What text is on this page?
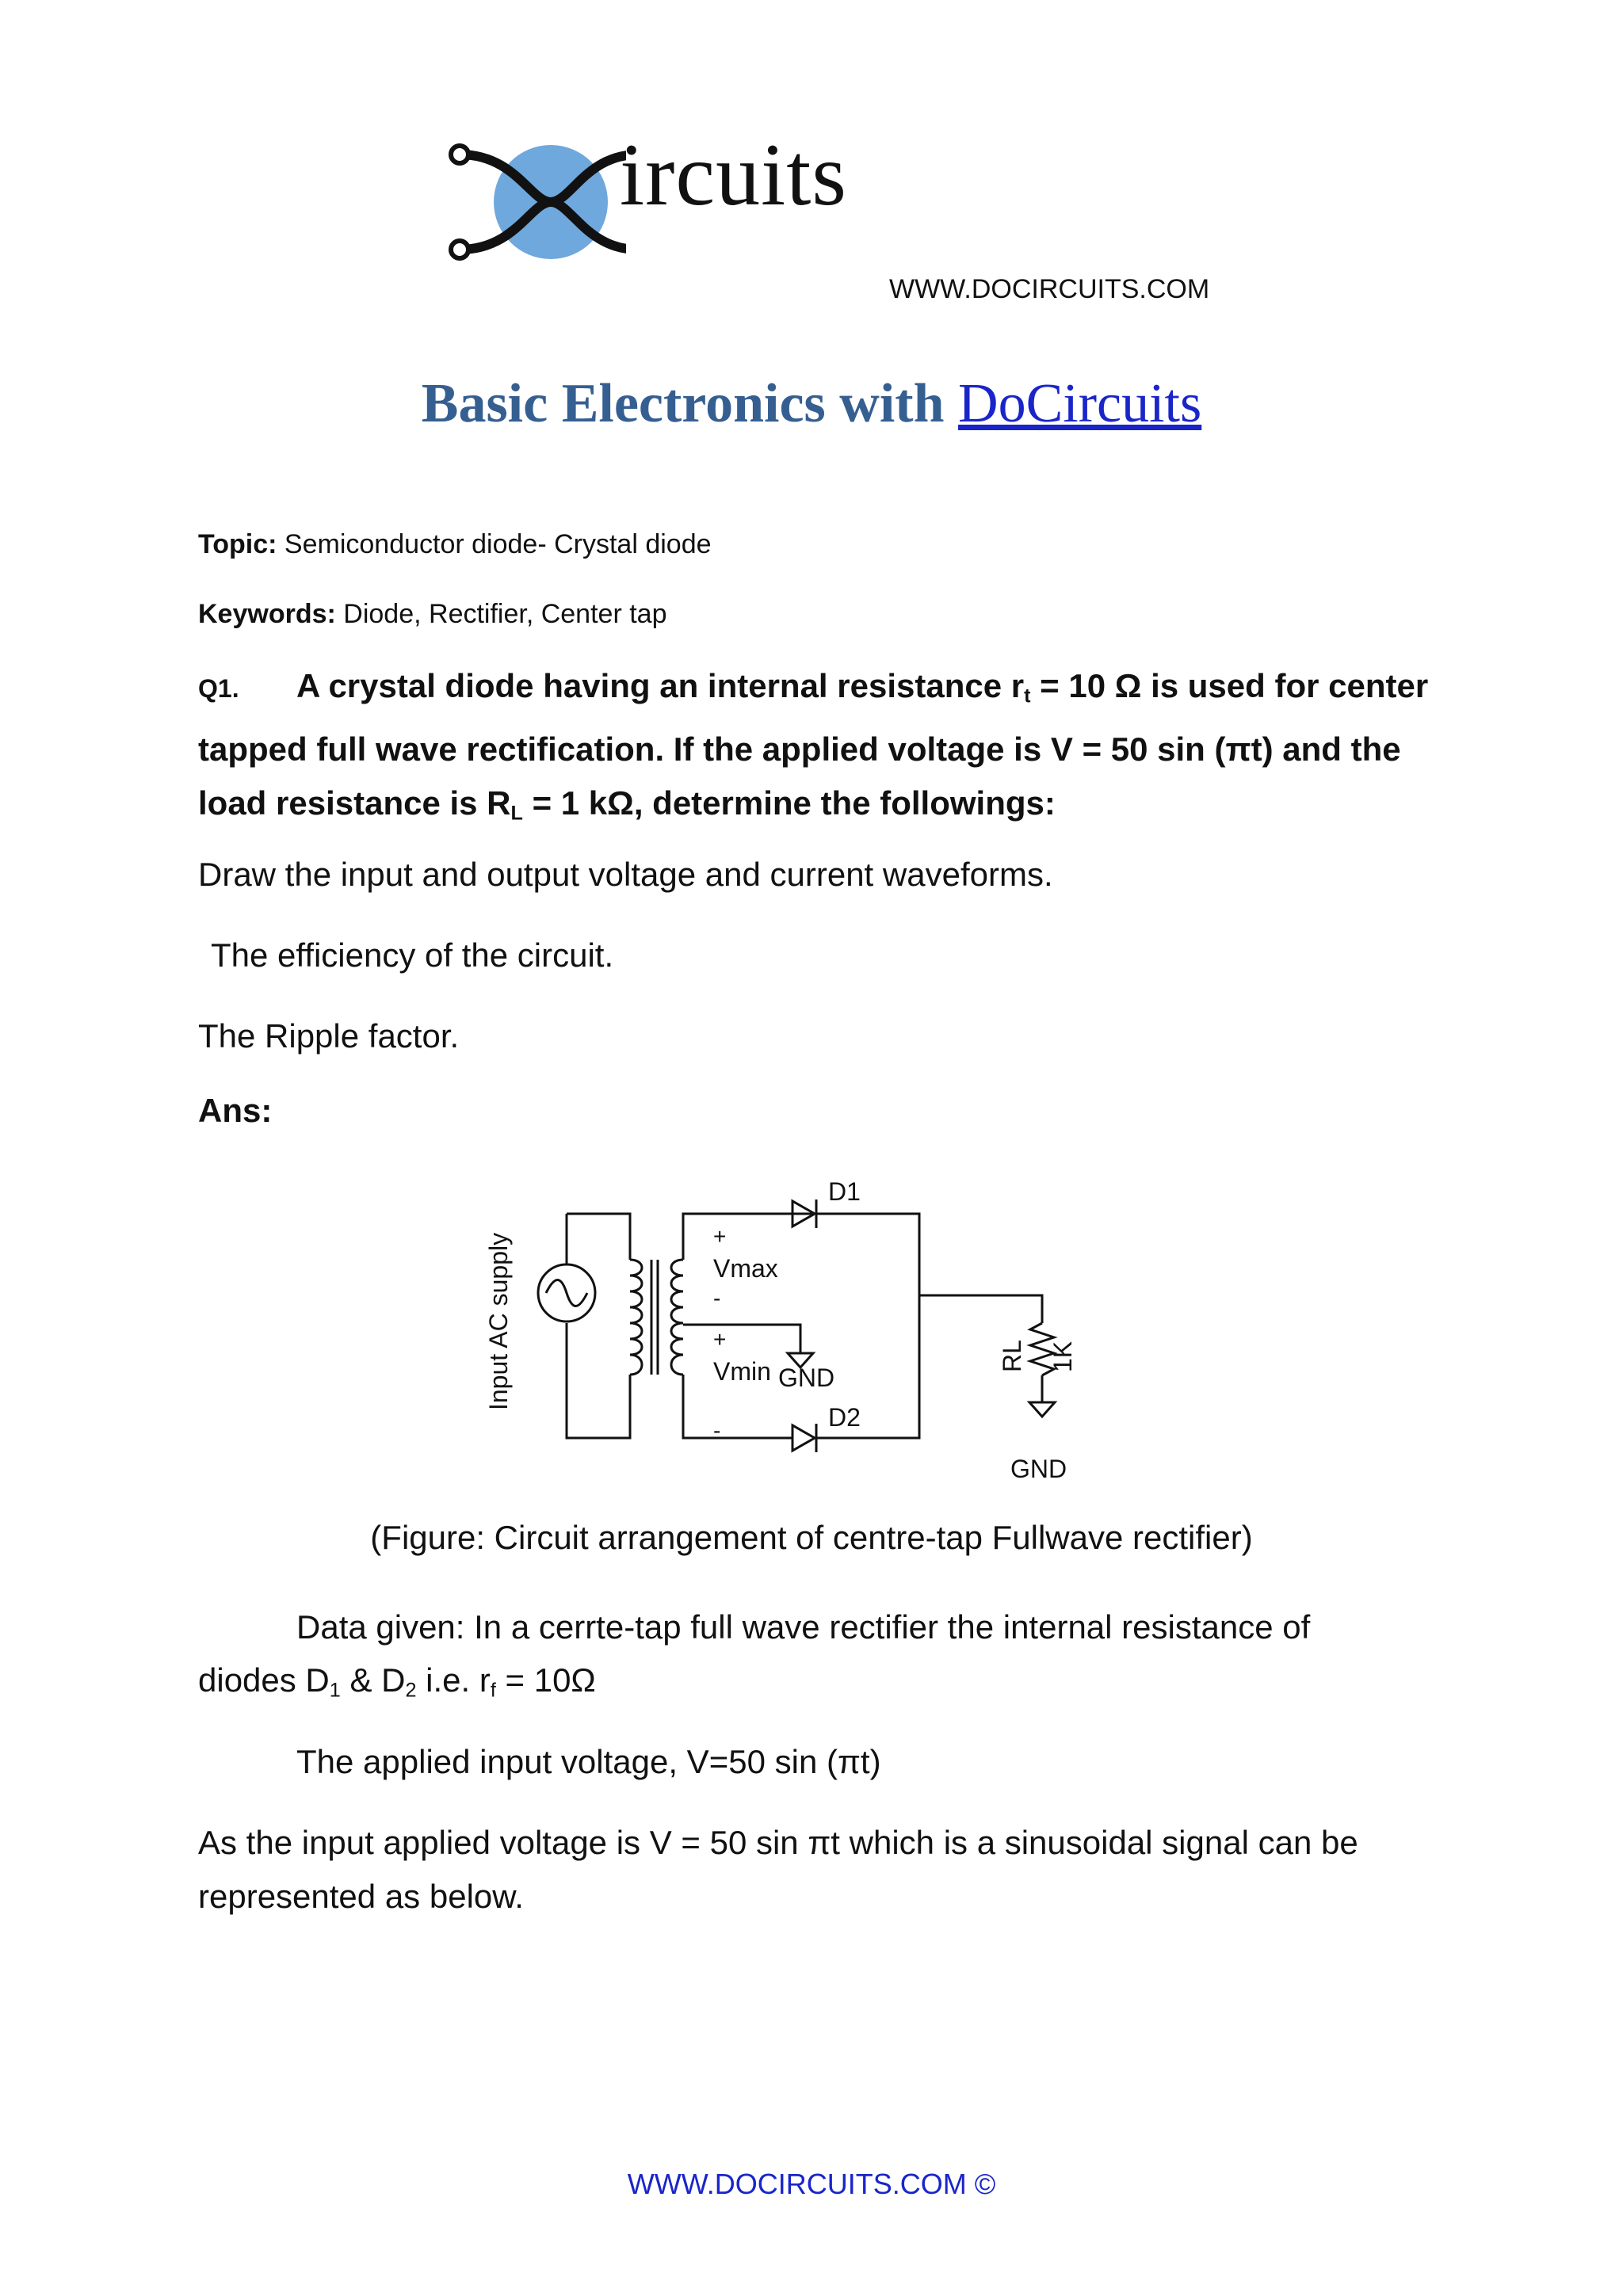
ircuits
WWW.DOCIRCUITS.COM
Basic Electronics with DoCircuits
Topic: Semiconductor diode- Crystal diode
Keywords: Diode, Rectifier, Center tap
Q1. A crystal diode having an internal resistance $r_t = 10$ Ω is used for center
tapped full wave rectification. If the applied voltage is V = 50 sin (πt) and the
load resistance is $R_L = 1$ kΩ, determine the followings:
Draw the input and output voltage and current waveforms.
The efficiency of the circuit.
The Ripple factor.
Ans:
Input AC supply
D1
D2
+
Vmax
-
+
Vmin GND
-
RL 1K
GND
(Figure: Circuit arrangement of centre-tap Fullwave rectifier)
Data given: In a cerrte-tap full wave rectifier the internal resistance of
diodes $D_1$ & $D_2$ i.e. $r_f = 10\Omega$
The applied input voltage, V=50 sin (πt)
As the input applied voltage is V = 50 sin πt which is a sinusoidal signal can be
represented as below.
WWW.DOCIRCUITS.COM ©
